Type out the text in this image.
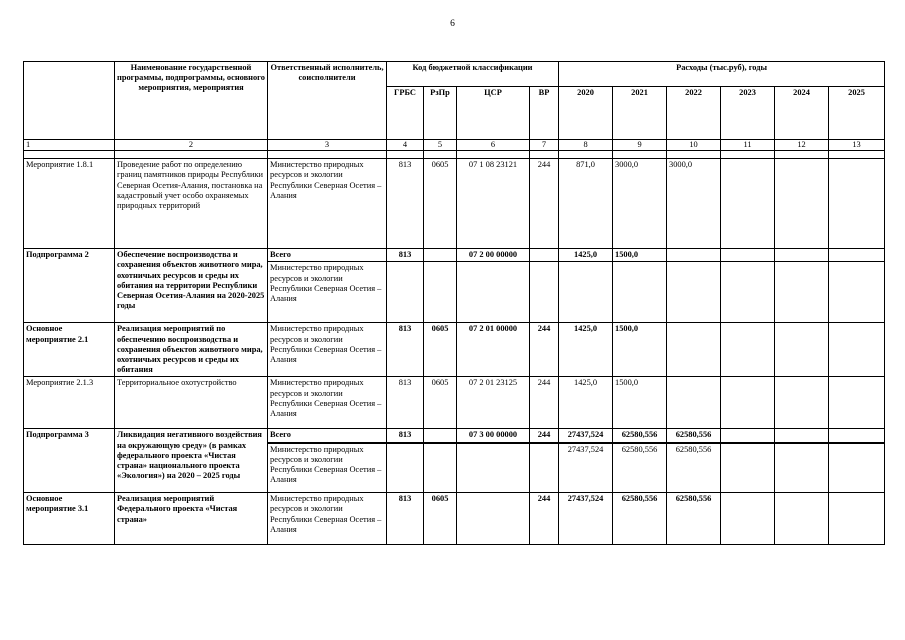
6
	Наименование государственной программы, подпрограммы, основного мероприятия, мероприятия	Ответственный исполнитель, соисполнители	Код бюджетной классификации				Расходы (тыс.руб), годы					
			ГРБС	РзПр	ЦСР	ВР	2020	2021	2022	2023	2024	2025
1	2	3	4	5	6	7	8	9	10	11	12	13

Мероприятие 1.8.1	Проведение работ по определению границ памятников природы Республики Северная Осетия-Алания, постановка на кадастровый учет особо охраняемых природных территорий	Министерство природных ресурсов и экологии Республики Северная Осетия – Алания	813	0605	07 1 08 23121	244	871,0	3000,0	3000,0			
Подпрограмма 2	Обеспечение воспроизводства и сохранения объектов животного мира, охотничьих ресурсов и среды их обитания на территории Республики Северная Осетия-Алания на 2020-2025 годы	Всего	813		07 2 00 00000		1425,0	1500,0				
		Министерство природных ресурсов и экологии Республики Северная Осетия – Алания										
Основное мероприятие 2.1	Реализация мероприятий по обеспечению воспроизводства и сохранения объектов животного мира, охотничьих ресурсов и среды их обитания	Министерство природных ресурсов и экологии Республики Северная Осетия – Алания	813	0605	07 2 01 00000	244	1425,0	1500,0				
Мероприятие 2.1.3	Территориальное охотустройство	Министерство природных ресурсов и экологии Республики Северная Осетия – Алания	813	0605	07 2 01 23125	244	1425,0	1500,0				
Подпрограмма 3	Ликвидация негативного воздействия на окружающую среду» (в рамках федерального проекта «Чистая страна» национального проекта «Экология») на 2020 – 2025 годы	Всего	813		07 3 00 00000	244	27437,524	62580,556	62580,556			
		Министерство природных ресурсов и экологии Республики Северная Осетия – Алания					27437,524	62580,556	62580,556			
Основное мероприятие 3.1	Реализация мероприятий Федерального проекта «Чистая страна»	Министерство природных ресурсов и экологии Республики Северная Осетия – Алания	813	0605		244	27437,524	62580,556	62580,556			
